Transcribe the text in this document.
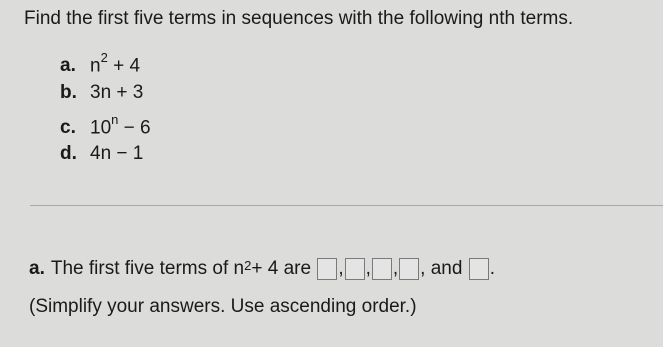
Find the first five terms in sequences with the following nth terms.
a. $n^2 + 4$
b. 3n + 3
c. $10^n - 6$
d. 4n − 1
a. The first five terms of
$n^2 + 4$
are
, , , , and
.
(Simplify your answers. Use ascending order.)
